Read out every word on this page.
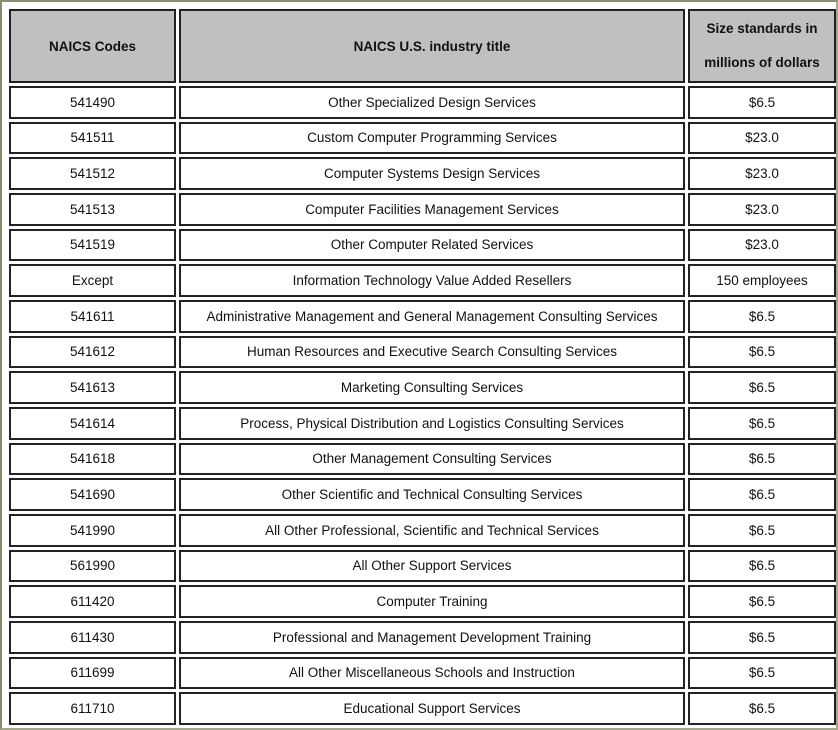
NAICS Codes	NAICS U.S. industry title	Size standards in
millions of dollars

541490	Other Specialized Design Services	$6.5
541511	Custom Computer Programming Services	$23.0
541512	Computer Systems Design Services	$23.0
541513	Computer Facilities Management Services	$23.0
541519	Other Computer Related Services	$23.0
Except	Information Technology Value Added Resellers	150 employees
541611	Administrative Management and General Management Consulting Services	$6.5
541612	Human Resources and Executive Search Consulting Services	$6.5
541613	Marketing Consulting Services	$6.5
541614	Process, Physical Distribution and Logistics Consulting Services	$6.5
541618	Other Management Consulting Services	$6.5
541690	Other Scientific and Technical Consulting Services	$6.5
541990	All Other Professional, Scientific and Technical Services	$6.5
561990	All Other Support Services	$6.5
611420	Computer Training	$6.5
611430	Professional and Management Development Training	$6.5
611699	All Other Miscellaneous Schools and Instruction	$6.5
611710	Educational Support Services	$6.5
